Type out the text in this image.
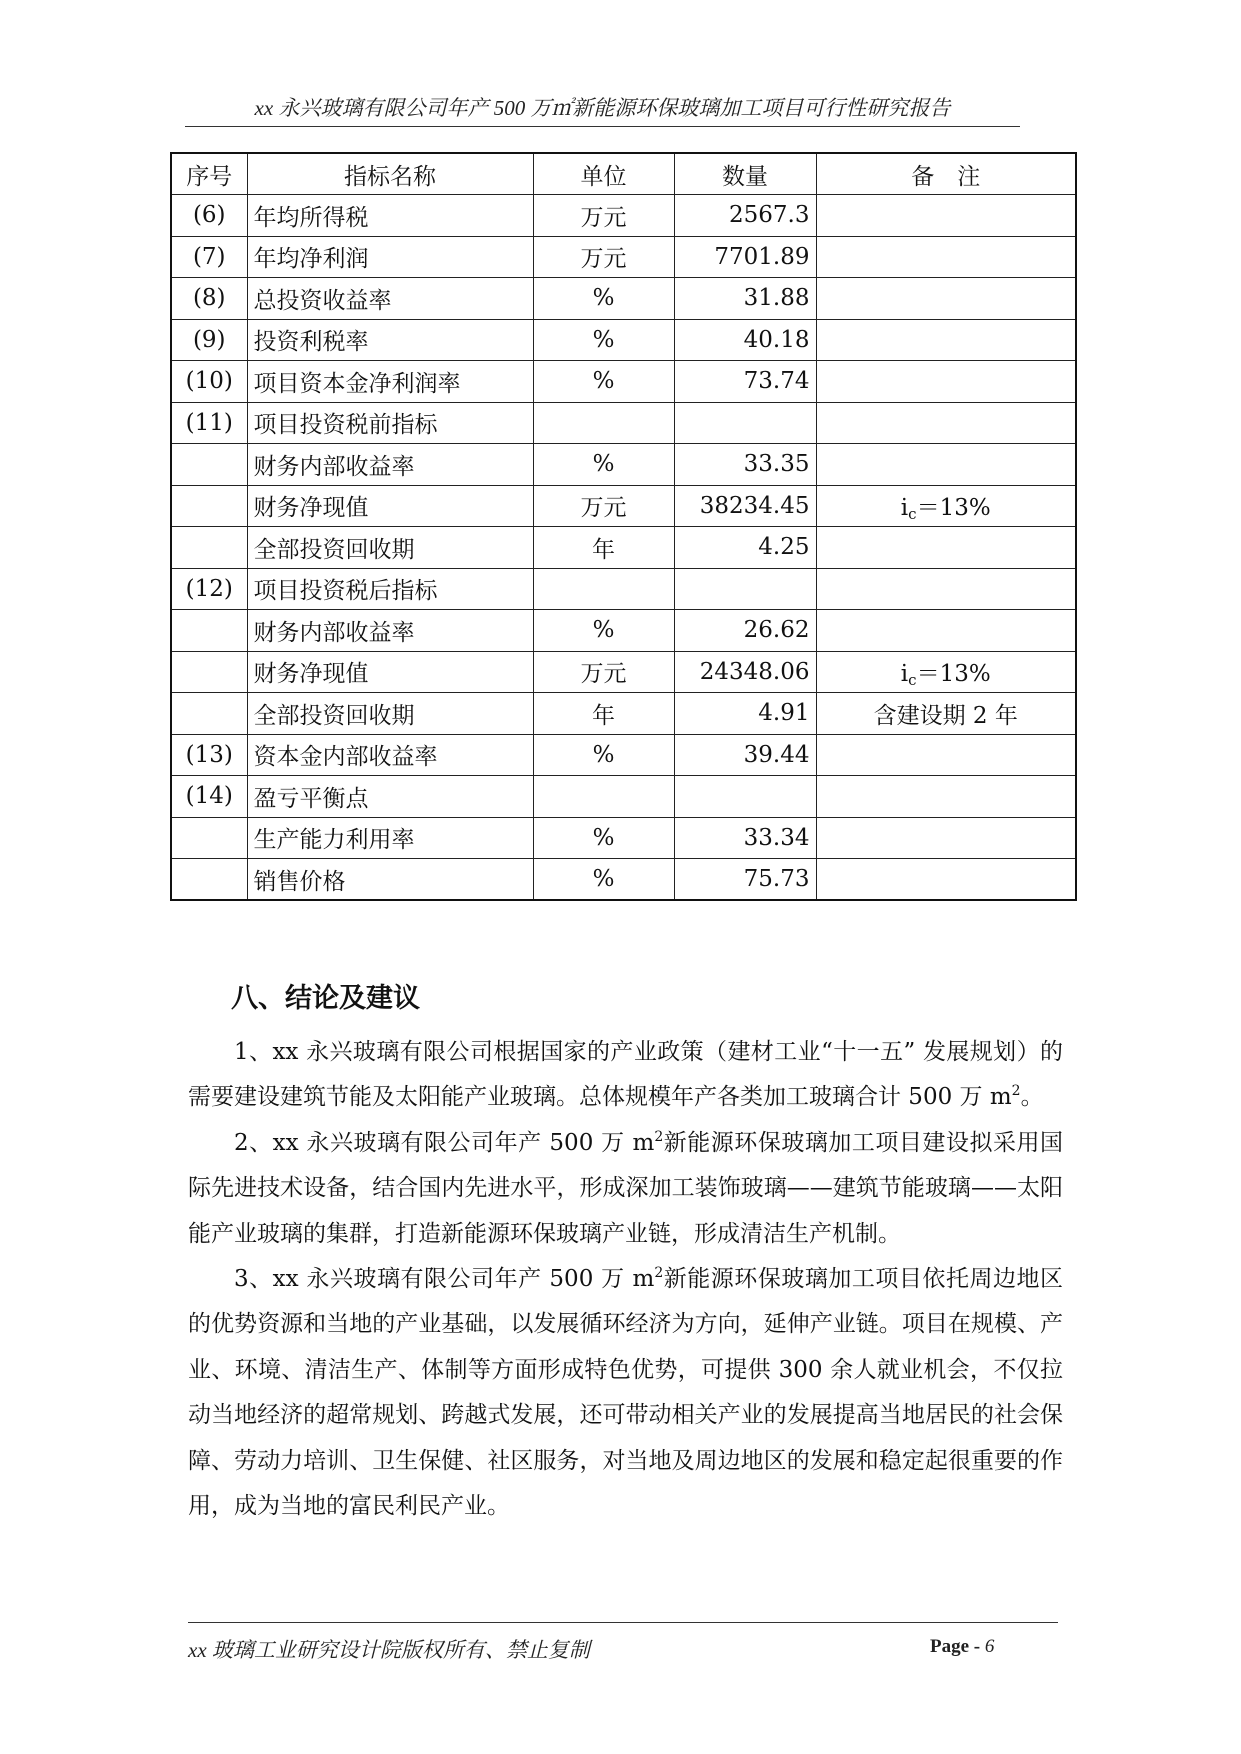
xx 永兴玻璃有限公司年产 500 万㎡新能源环保玻璃加工项目可行性研究报告
序号	指标名称	单位	数量	备　注
(6)	年均所得税	万元	2567.3	
(7)	年均净利润	万元	7701.89	
(8)	总投资收益率	%	31.88	
(9)	投资利税率	%	40.18	
(10)	项目资本金净利润率	%	73.74	
(11)	项目投资税前指标			
	财务内部收益率	%	33.35	
	财务净现值	万元	38234.45	$i_c=13\%$
	全部投资回收期	年	4.25	
(12)	项目投资税后指标			
	财务内部收益率	%	26.62	
	财务净现值	万元	24348.06	$i_c=13\%$
	全部投资回收期	年	4.91	含建设期 2 年
(13)	资本金内部收益率	%	39.44	
(14)	盈亏平衡点			
	生产能力利用率	%	33.34	
	销售价格	%	75.73	
八、结论及建议

1、xx 永兴玻璃有限公司根据国家的产业政策（建材工业“十一五” 发展规划）的需要建设建筑节能及太阳能产业玻璃。总体规模年产各类加工玻璃合计 500 万 $m^2$。

2、xx 永兴玻璃有限公司年产 500 万 $m^2$新能源环保玻璃加工项目建设拟采用国际先进技术设备，结合国内先进水平，形成深加工装饰玻璃——建筑节能玻璃——太阳能产业玻璃的集群，打造新能源环保玻璃产业链，形成清洁生产机制。

3、xx 永兴玻璃有限公司年产 500 万 $m^2$新能源环保玻璃加工项目依托周边地区的优势资源和当地的产业基础，以发展循环经济为方向，延伸产业链。项目在规模、产业、环境、清洁生产、体制等方面形成特色优势，可提供 300 余人就业机会，不仅拉动当地经济的超常规划、跨越式发展，还可带动相关产业的发展提高当地居民的社会保障、劳动力培训、卫生保健、社区服务，对当地及周边地区的发展和稳定起很重要的作用，成为当地的富民利民产业。

xx 玻璃工业研究设计院版权所有、禁止复制	Page - 6
